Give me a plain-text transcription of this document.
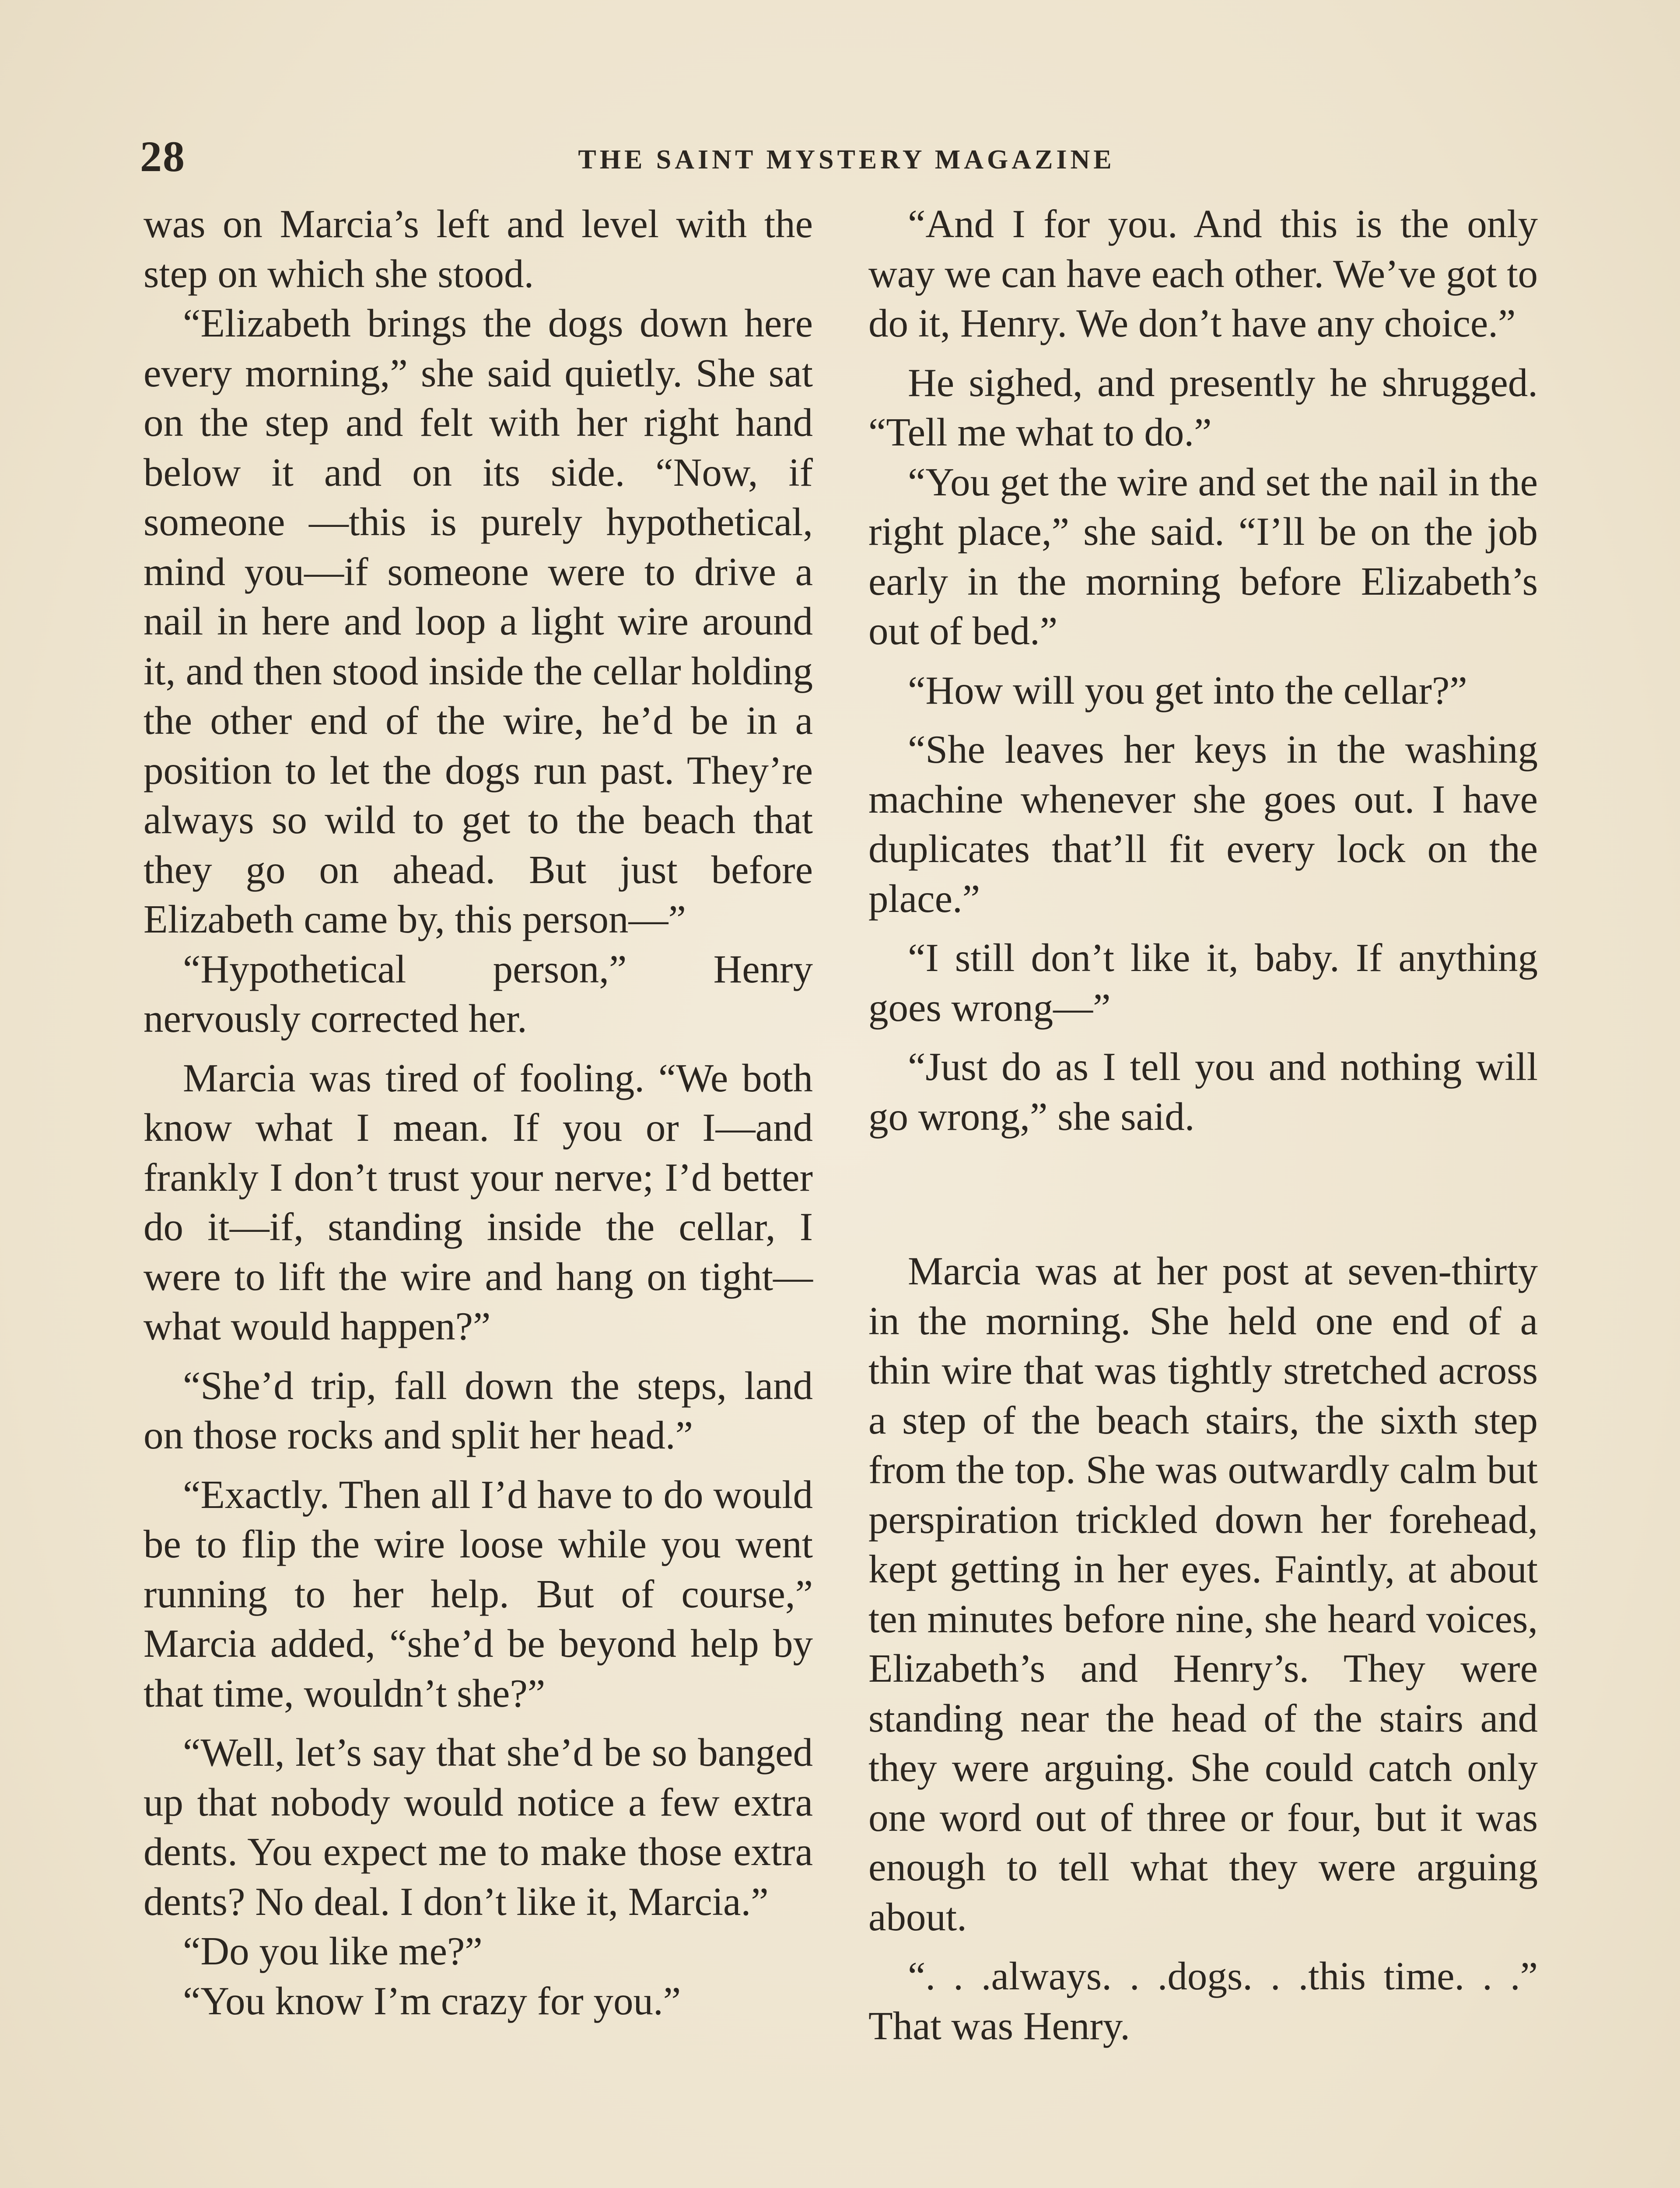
28	THE SAINT MYSTERY MAGAZINE

was on Marcia’s left and level with the step on which she stood.

“Elizabeth brings the dogs down here every morning,” she said quietly. She sat on the step and felt with her right hand below it and on its side. “Now, if someone —this is purely hypothetical, mind you—if someone were to drive a nail in here and loop a light wire around it, and then stood inside the cellar holding the other end of the wire, he’d be in a position to let the dogs run past. They’re always so wild to get to the beach that they go on ahead. But just before Elizabeth came by, this person—”

“Hypothetical person,” Henry nervously corrected her.

Marcia was tired of fooling. “We both know what I mean. If you or I—and frankly I don’t trust your nerve; I’d better do it—if, standing inside the cellar, I were to lift the wire and hang on tight—what would happen?”

“She’d trip, fall down the steps, land on those rocks and split her head.”

“Exactly. Then all I’d have to do would be to flip the wire loose while you went running to her help. But of course,” Marcia added, “she’d be beyond help by that time, wouldn’t she?”

“Well, let’s say that she’d be so banged up that nobody would notice a few extra dents. You expect me to make those extra dents? No deal. I don’t like it, Marcia.”

“Do you like me?”

“You know I’m crazy for you.”

“And I for you. And this is the only way we can have each other. We’ve got to do it, Henry. We don’t have any choice.”

He sighed, and presently he shrugged. “Tell me what to do.”

“You get the wire and set the nail in the right place,” she said. “I’ll be on the job early in the morning before Elizabeth’s out of bed.”

“How will you get into the cellar?”

“She leaves her keys in the washing machine whenever she goes out. I have duplicates that’ll fit every lock on the place.”

“I still don’t like it, baby. If anything goes wrong—”

“Just do as I tell you and nothing will go wrong,” she said.

Marcia was at her post at seven-thirty in the morning. She held one end of a thin wire that was tightly stretched across a step of the beach stairs, the sixth step from the top. She was outwardly calm but perspiration trickled down her forehead, kept getting in her eyes. Faintly, at about ten minutes before nine, she heard voices, Elizabeth’s and Henry’s. They were standing near the head of the stairs and they were arguing. She could catch only one word out of three or four, but it was enough to tell what they were arguing about.

“. . .always. . .dogs. . .this time. . .” That was Henry.
